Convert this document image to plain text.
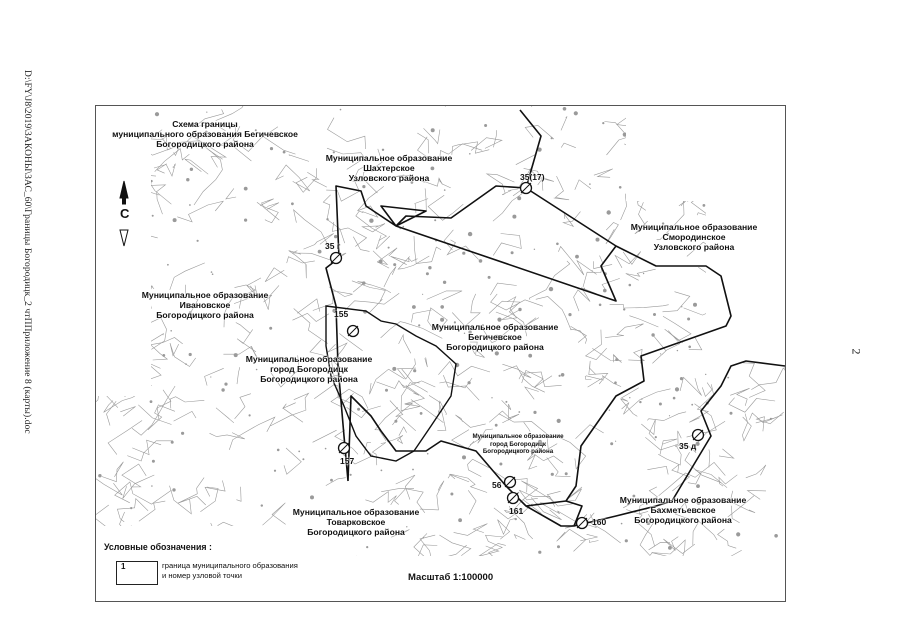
D:\FY\J8\2019\ЗАКОНЫ\ЗАС_60\Границы Богородицк_2 чтППриложение 8 (карты).doc	2
Схема границы
муниципального образования Бегичевское
Богородицкого района
Муниципальное образование
Шахтерское
Узловского района
Муниципальное образование
Смородинское
Узловского района
Муниципальное образование
Ивановское
Богородицкого района
Муниципальное образование
Бегичевское
Богородицкого района
Муниципальное образование
город Богородицк
Богородицкого района
Муниципальное образование
город Богородицк
Богородицкого района
Муниципальное образование
Бахметьевское
Богородицкого района
Муниципальное образование
Товарковское
Богородицкого района
35(17)
35 г
155
157
56
161
160
35 д
С
Условные обозначения :
1	граница муниципального образования
и номер узловой точки	Масштаб 1:100000
